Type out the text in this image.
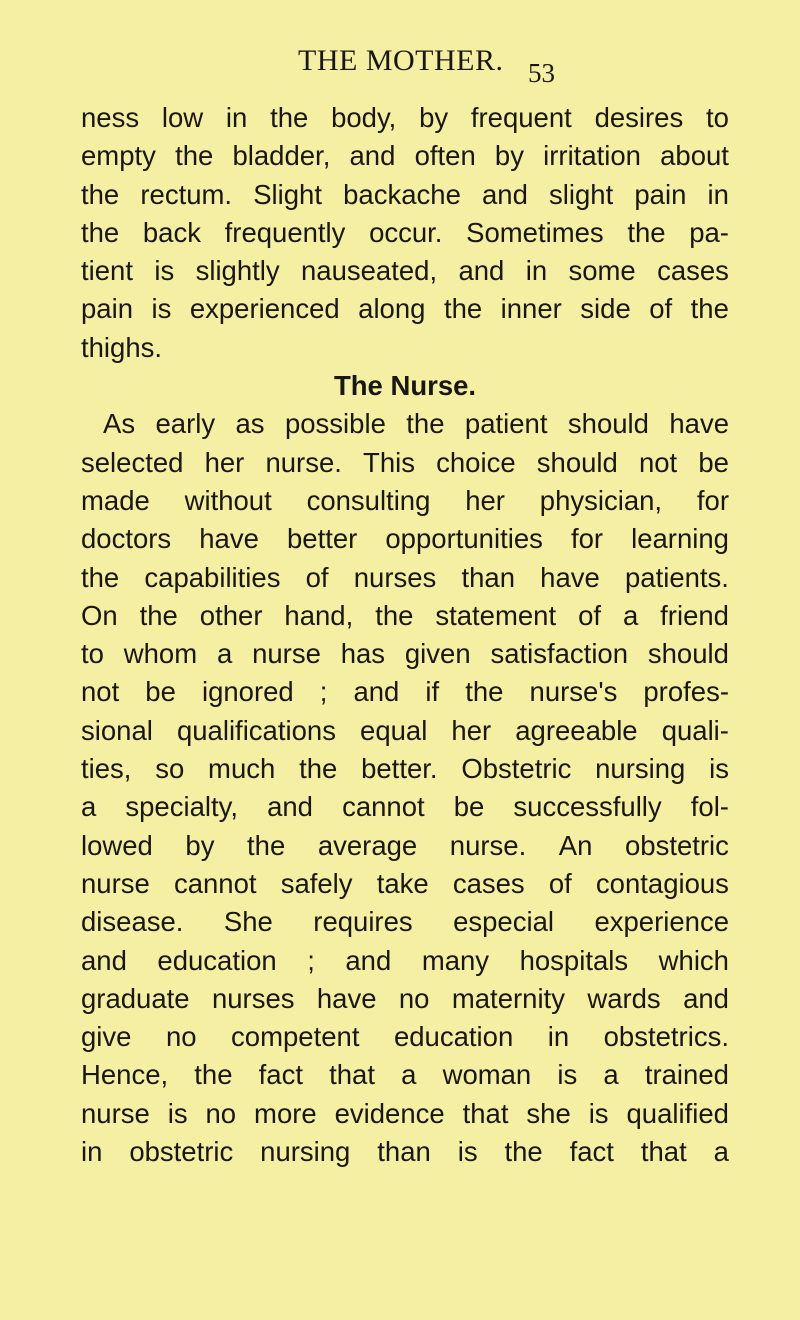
THE MOTHER. 53
ness low in the body, by frequent desires to
empty the bladder, and often by irritation about
the rectum. Slight backache and slight pain in
the back frequently occur. Sometimes the pa-
tient is slightly nauseated, and in some cases
pain is experienced along the inner side of the
thighs.
The Nurse.
As early as possible the patient should have
selected her nurse. This choice should not be
made without consulting her physician, for
doctors have better opportunities for learning
the capabilities of nurses than have patients.
On the other hand, the statement of a friend
to whom a nurse has given satisfaction should
not be ignored ; and if the nurse's profes-
sional qualifications equal her agreeable quali-
ties, so much the better. Obstetric nursing is
a specialty, and cannot be successfully fol-
lowed by the average nurse. An obstetric
nurse cannot safely take cases of contagious
disease. She requires especial experience
and education ; and many hospitals which
graduate nurses have no maternity wards and
give no competent education in obstetrics.
Hence, the fact that a woman is a trained
nurse is no more evidence that she is qualified
in obstetric nursing than is the fact that a
